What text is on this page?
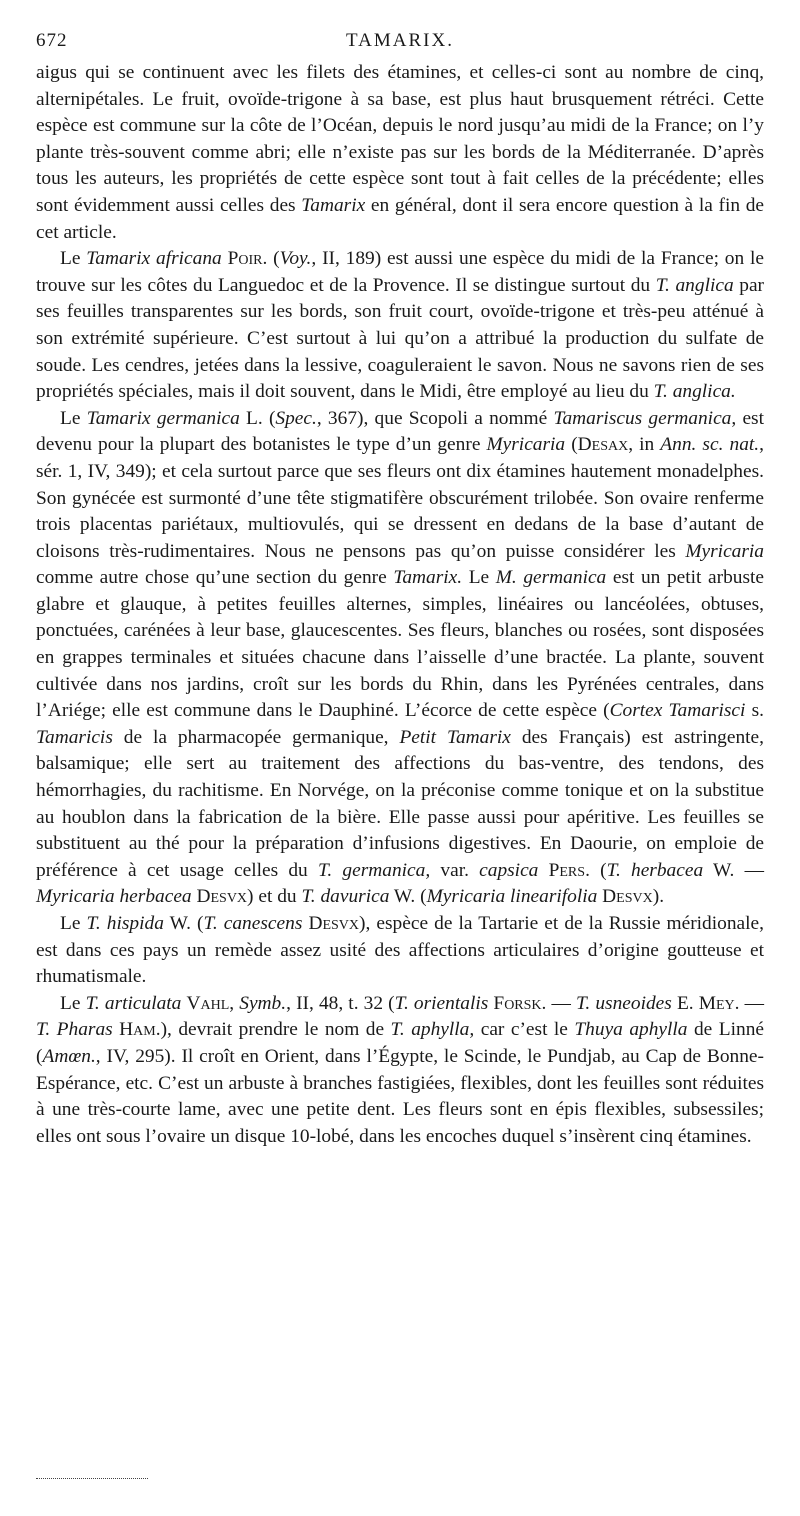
672	TAMARIX.

aigus qui se continuent avec les filets des étamines, et celles-ci sont au nombre de cinq, alternipétales. Le fruit, ovoïde-trigone à sa base, est plus haut brusquement rétréci. Cette espèce est commune sur la côte de l’Océan, depuis le nord jusqu’au midi de la France; on l’y plante très-souvent comme abri; elle n’existe pas sur les bords de la Méditerranée. D’après tous les auteurs, les propriétés de cette espèce sont tout à fait celles de la précédente; elles sont évidemment aussi celles des Tamarix en général, dont il sera encore question à la fin de cet article.

Le Tamarix africana Poir. (Voy., II, 189) est aussi une espèce du midi de la France; on le trouve sur les côtes du Languedoc et de la Provence. Il se distingue surtout du T. anglica par ses feuilles transparentes sur les bords, son fruit court, ovoïde-trigone et très-peu atténué à son extrémité supérieure. C’est surtout à lui qu’on a attribué la production du sulfate de soude. Les cendres, jetées dans la lessive, coaguleraient le savon. Nous ne savons rien de ses propriétés spéciales, mais il doit souvent, dans le Midi, être employé au lieu du T. anglica.

Le Tamarix germanica L. (Spec., 367), que Scopoli a nommé Tamariscus germanica, est devenu pour la plupart des botanistes le type d’un genre Myricaria (Desax, in Ann. sc. nat., sér. 1, IV, 349); et cela surtout parce que ses fleurs ont dix étamines hautement monadelphes. Son gynécée est surmonté d’une tête stigmatifère obscurément trilobée. Son ovaire renferme trois placentas pariétaux, multiovulés, qui se dressent en dedans de la base d’autant de cloisons très-rudimentaires. Nous ne pensons pas qu’on puisse considérer les Myricaria comme autre chose qu’une section du genre Tamarix. Le M. germanica est un petit arbuste glabre et glauque, à petites feuilles alternes, simples, linéaires ou lancéolées, obtuses, ponctuées, carénées à leur base, glaucescentes. Ses fleurs, blanches ou rosées, sont disposées en grappes terminales et situées chacune dans l’aisselle d’une bractée. La plante, souvent cultivée dans nos jardins, croît sur les bords du Rhin, dans les Pyrénées centrales, dans l’Ariége; elle est commune dans le Dauphiné. L’écorce de cette espèce (Cortex Tamarisci s. Tamaricis de la pharmacopée germanique, Petit Tamarix des Français) est astringente, balsamique; elle sert au traitement des affections du bas-ventre, des tendons, des hémorrhagies, du rachitisme. En Norvége, on la préconise comme tonique et on la substitue au houblon dans la fabrication de la bière. Elle passe aussi pour apéritive. Les feuilles se substituent au thé pour la préparation d’infusions digestives. En Daourie, on emploie de préférence à cet usage celles du T. germanica, var. capsica Pers. (T. herbacea W. — Myricaria herbacea Desvx) et du T. davurica W. (Myricaria linearifolia Desvx).

Le T. hispida W. (T. canescens Desvx), espèce de la Tartarie et de la Russie méridionale, est dans ces pays un remède assez usité des affections articulaires d’origine goutteuse et rhumatismale.

Le T. articulata Vahl, Symb., II, 48, t. 32 (T. orientalis Forsk. — T. usneoides E. Mey. — T. Pharas Ham.), devrait prendre le nom de T. aphylla, car c’est le Thuya aphylla de Linné (Amœn., IV, 295). Il croît en Orient, dans l’Égypte, le Scinde, le Pundjab, au Cap de Bonne-Espérance, etc. C’est un arbuste à branches fastigiées, flexibles, dont les feuilles sont réduites à une très-courte lame, avec une petite dent. Les fleurs sont en épis flexibles, subsessiles; elles ont sous l’ovaire un disque 10-lobé, dans les encoches duquel s’insèrent cinq étamines.
